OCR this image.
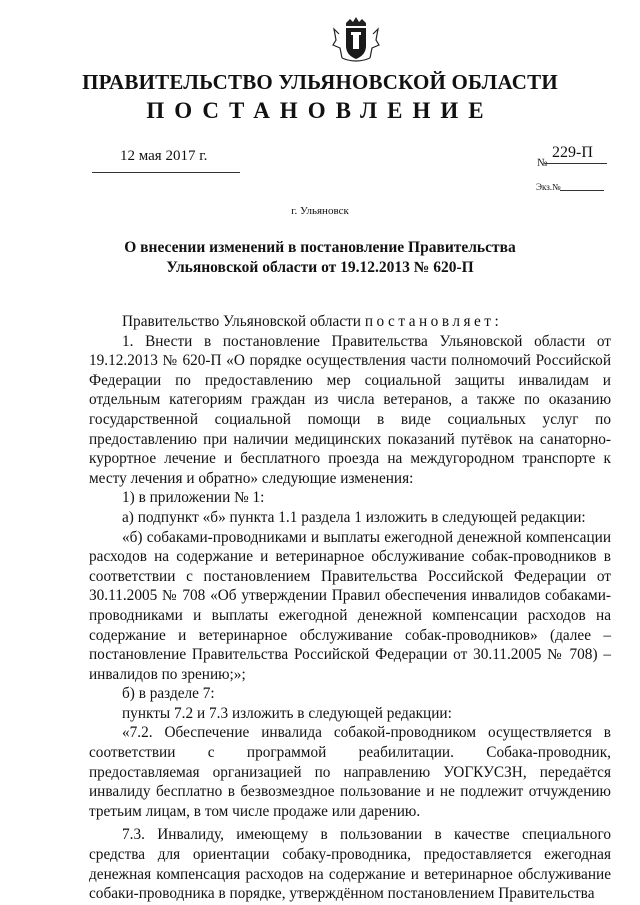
ПРАВИТЕЛЬСТВО УЛЬЯНОВСКОЙ ОБЛАСТИ
ПОСТАНОВЛЕНИЕ
12 мая 2017 г.	№
229-П
Экз.№
г. Ульяновск
О внесении изменений в постановление Правительства
Ульяновской области от 19.12.2013 № 620-П

Правительство Ульяновской области постановляет:

1. Внести в постановление Правительства Ульяновской области от 19.12.2013 № 620-П «О порядке осуществления части полномочий Российской Федерации по предоставлению мер социальной защиты инвалидам и отдельным категориям граждан из числа ветеранов, а также по оказанию государственной социальной помощи в виде социальных услуг по предоставлению при наличии медицинских показаний путёвок на санаторно-курортное лечение и бесплатного проезда на междугородном транспорте к месту лечения и обратно» следующие изменения:

1) в приложении № 1:

а) подпункт «б» пункта 1.1 раздела 1 изложить в следующей редакции:

«б) собаками-проводниками и выплаты ежегодной денежной компенсации расходов на содержание и ветеринарное обслуживание собак-проводников в соответствии с постановлением Правительства Российской Федерации от 30.11.2005 № 708 «Об утверждении Правил обеспечения инвалидов собаками-проводниками и выплаты ежегодной денежной компенсации расходов на содержание и ветеринарное обслуживание собак-проводников» (далее – постановление Правительства Российской Федерации от 30.11.2005 № 708) – инвалидов по зрению;»;

б) в разделе 7:

пункты 7.2 и 7.3 изложить в следующей редакции:

«7.2. Обеспечение инвалида собакой-проводником осуществляется в соответствии с программой реабилитации. Собака-проводник, предоставляемая организацией по направлению УОГКУСЗН, передаётся инвалиду бесплатно в безвозмездное пользование и не подлежит отчуждению третьим лицам, в том числе продаже или дарению.

7.3. Инвалиду, имеющему в пользовании в качестве специального средства для ориентации собаку-проводника, предоставляется ежегодная денежная компенсация расходов на содержание и ветеринарное обслуживание собаки-проводника в порядке, утверждённом постановлением Правительства
